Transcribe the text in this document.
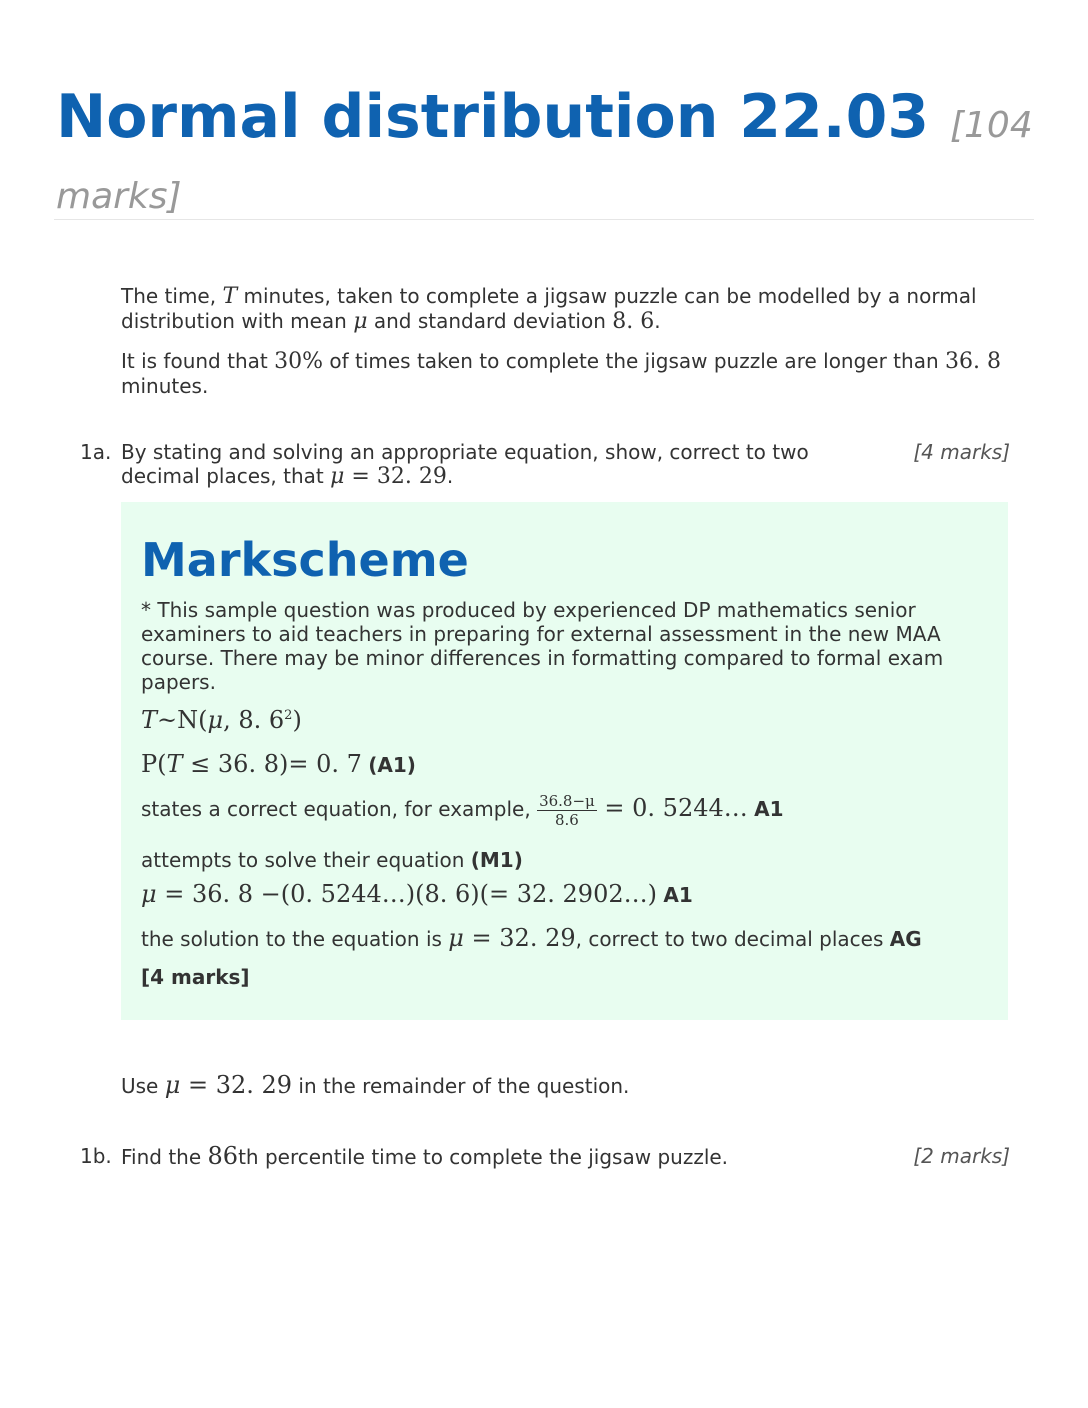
Normal distribution 22.03 [104 marks]

The time, T minutes, taken to complete a jigsaw puzzle can be modelled by a normal distribution with mean μ and standard deviation 8. 6.

It is found that 30% of times taken to complete the jigsaw puzzle are longer than 36. 8 minutes.

1a. By stating and solving an appropriate equation, show, correct to two decimal places, that μ = 32. 29.

[4 marks]
Markscheme
* This sample question was produced by experienced DP mathematics senior examiners to aid teachers in preparing for external assessment in the new MAA course. There may be minor differences in formatting compared to formal exam papers.
T~N(μ, 8. $6^2$)
P(T ≤ 36. 8)= 0. 7 (A1)
states a correct equation, for example, $\frac{36.8-\mu}{8.6} = 0$. 5244… A1
attempts to solve their equation (M1)
μ = 36. 8 −(0. 5244…)(8. 6)(= 32. 2902…) A1
the solution to the equation is μ = 32. 29, correct to two decimal places AG
[4 marks]

Use μ = 32. 29 in the remainder of the question.

1b. Find the 86th percentile time to complete the jigsaw puzzle.	[2 marks]
